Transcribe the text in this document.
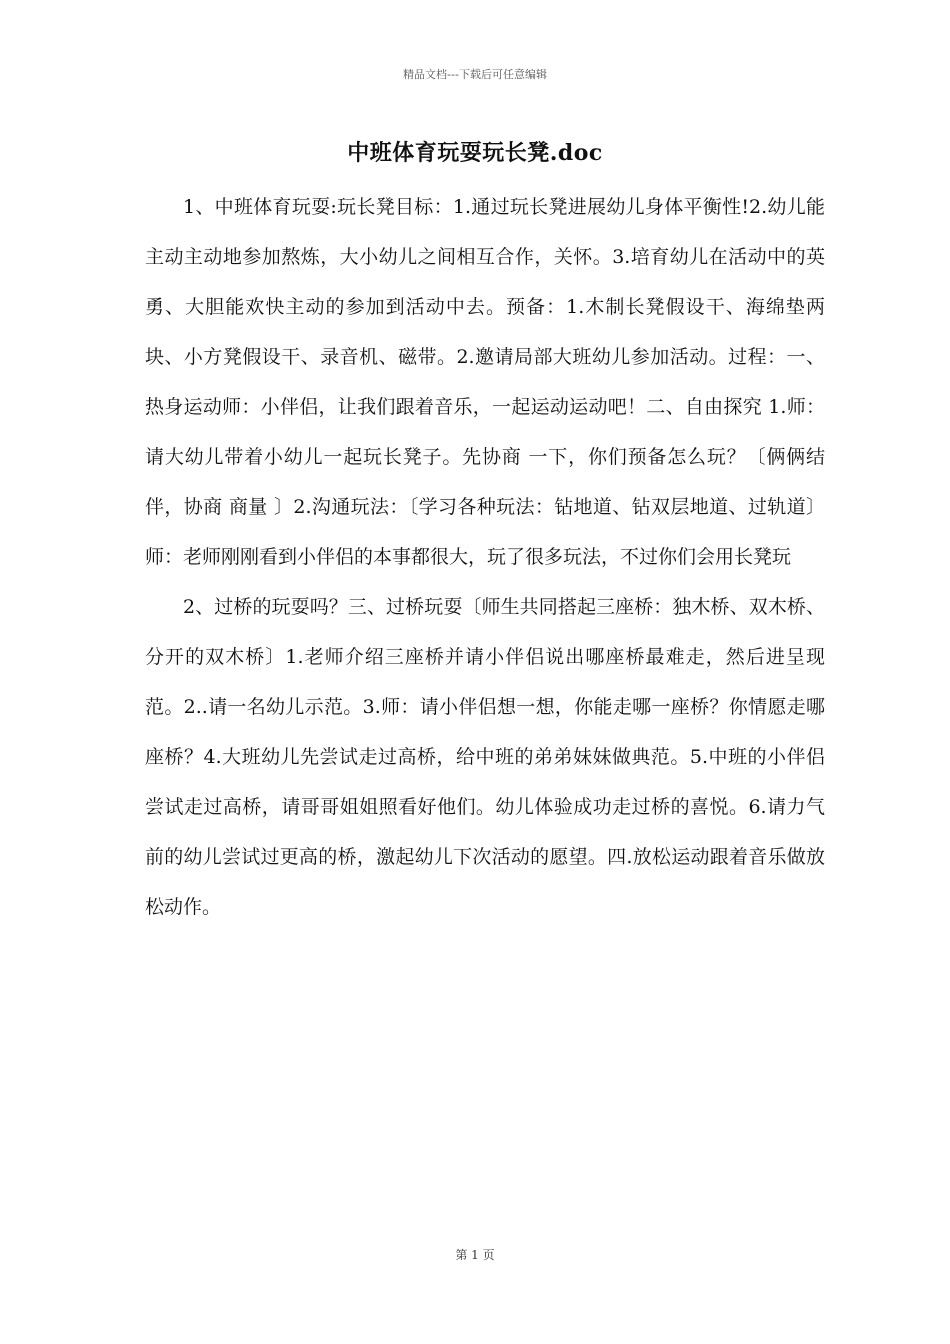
精品文档---下载后可任意编辑
中班体育玩耍玩长凳.doc

1、中班体育玩耍:玩长凳目标：1.通过玩长凳进展幼儿身体平衡性!2.幼儿能主动主动地参加熬炼，大小幼儿之间相互合作，关怀。3.培育幼儿在活动中的英勇、大胆能欢快主动的参加到活动中去。预备：1.木制长凳假设干、海绵垫两块、小方凳假设干、录音机、磁带。2.邀请局部大班幼儿参加活动。过程：一、热身运动师：小伴侣，让我们跟着音乐，一起运动运动吧！二、自由探究 1.师：请大幼儿带着小幼儿一起玩长凳子。先协商 一下，你们预备怎么玩？〔俩俩结伴，协商 商量 〕2.沟通玩法：〔学习各种玩法：钻地道、钻双层地道、过轨道〕师：老师刚刚看到小伴侣的本事都很大，玩了很多玩法，不过你们会用长凳玩

2、过桥的玩耍吗？三、过桥玩耍〔师生共同搭起三座桥：独木桥、双木桥、分开的双木桥〕1.老师介绍三座桥并请小伴侣说出哪座桥最难走，然后进呈现范。2..请一名幼儿示范。3.师：请小伴侣想一想，你能走哪一座桥？你情愿走哪座桥？4.大班幼儿先尝试走过高桥，给中班的弟弟妹妹做典范。5.中班的小伴侣尝试走过高桥，请哥哥姐姐照看好他们。幼儿体验成功走过桥的喜悦。6.请力气前的幼儿尝试过更高的桥，激起幼儿下次活动的愿望。四.放松运动跟着音乐做放松动作。

第 1 页
